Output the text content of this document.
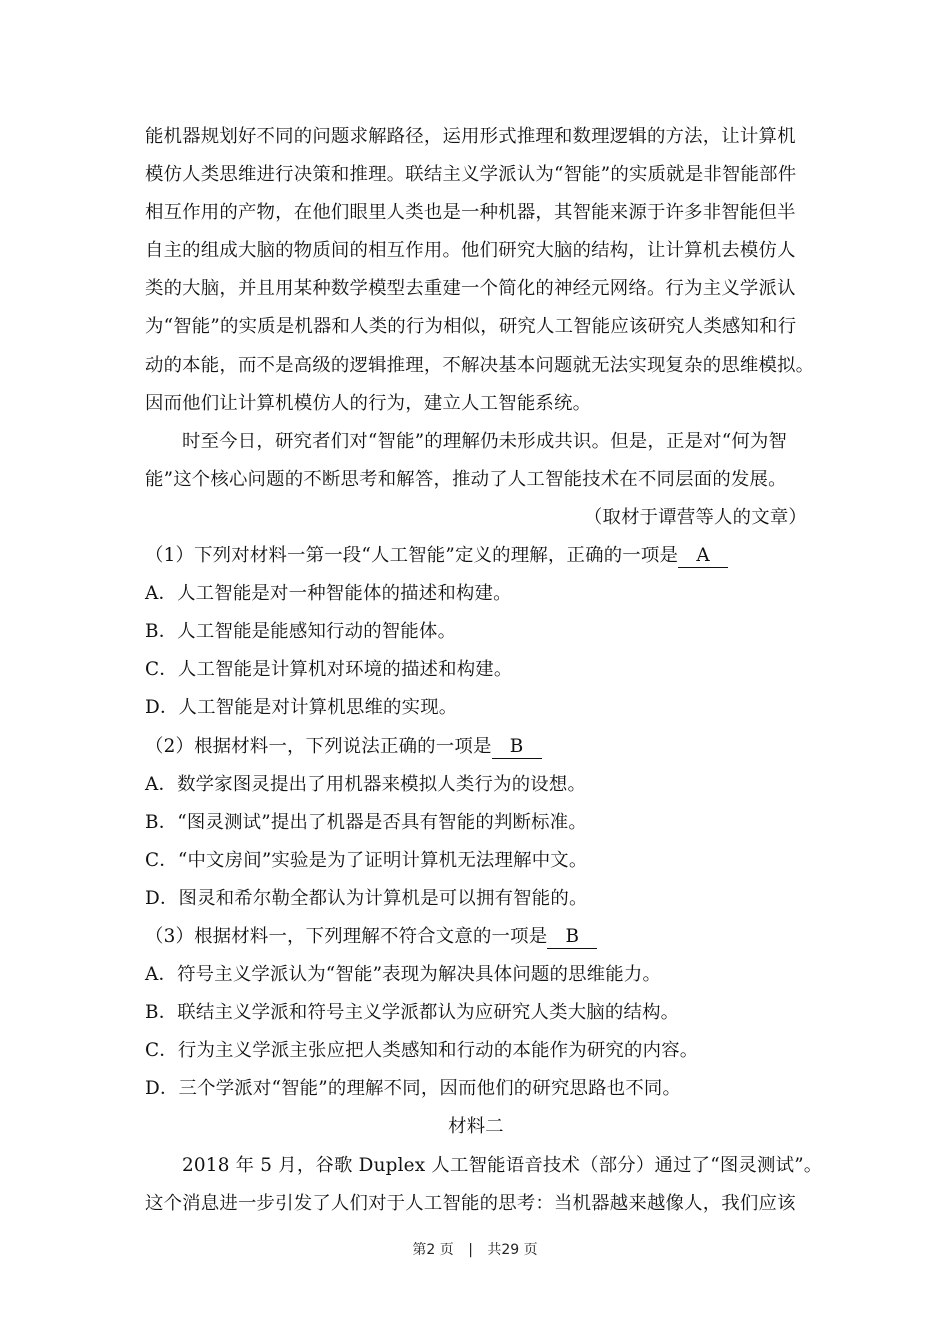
能机器规划好不同的问题求解路径，运用形式推理和数理逻辑的方法，让计算机
模仿人类思维进行决策和推理。联结主义学派认为“智能”的实质就是非智能部件
相互作用的产物，在他们眼里人类也是一种机器，其智能来源于许多非智能但半
自主的组成大脑的物质间的相互作用。他们研究大脑的结构，让计算机去模仿人
类的大脑，并且用某种数学模型去重建一个简化的神经元网络。行为主义学派认
为“智能”的实质是机器和人类的行为相似，研究人工智能应该研究人类感知和行
动的本能，而不是高级的逻辑推理，不解决基本问题就无法实现复杂的思维模拟。
因而他们让计算机模仿人的行为，建立人工智能系统。
时至今日，研究者们对“智能”的理解仍未形成共识。但是，正是对“何为智
能”这个核心问题的不断思考和解答，推动了人工智能技术在不同层面的发展。
（取材于谭营等人的文章）
（1）下列对材料一第一段“人工智能”定义的理解，正确的一项是 A
A．人工智能是对一种智能体的描述和构建。
B．人工智能是能感知行动的智能体。
C．人工智能是计算机对环境的描述和构建。
D．人工智能是对计算机思维的实现。
（2）根据材料一，下列说法正确的一项是 B
A．数学家图灵提出了用机器来模拟人类行为的设想。
B．“图灵测试”提出了机器是否具有智能的判断标准。
C．“中文房间”实验是为了证明计算机无法理解中文。
D．图灵和希尔勒全都认为计算机是可以拥有智能的。
（3）根据材料一，下列理解不符合文意的一项是 B
A．符号主义学派认为“智能”表现为解决具体问题的思维能力。
B．联结主义学派和符号主义学派都认为应研究人类大脑的结构。
C．行为主义学派主张应把人类感知和行动的本能作为研究的内容。
D．三个学派对“智能”的理解不同，因而他们的研究思路也不同。
材料二
2018 年 5 月，谷歌 Duplex 人工智能语音技术（部分）通过了“图灵测试”。
这个消息进一步引发了人们对于人工智能的思考：当机器越来越像人，我们应该
第2 页 | 共29 页
